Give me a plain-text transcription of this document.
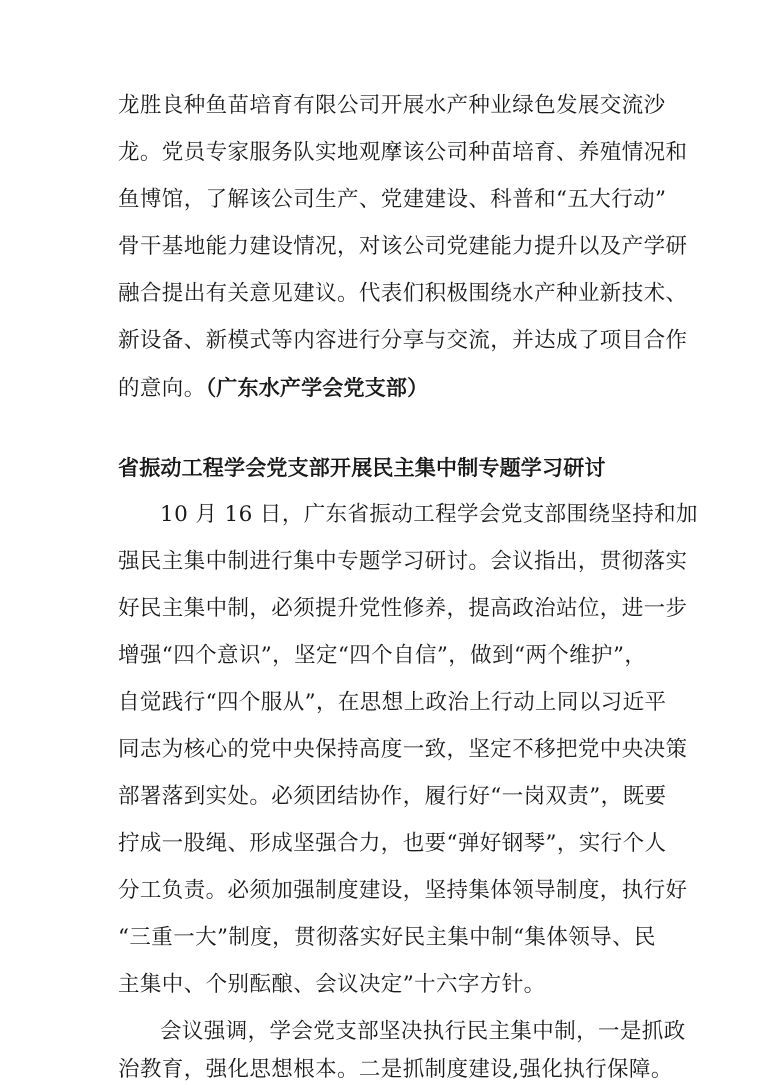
龙胜良种鱼苗培育有限公司开展水产种业绿色发展交流沙
龙。党员专家服务队实地观摩该公司种苗培育、养殖情况和
鱼博馆，了解该公司生产、党建建设、科普和“五大行动”
骨干基地能力建设情况，对该公司党建能力提升以及产学研
融合提出有关意见建议。代表们积极围绕水产种业新技术、
新设备、新模式等内容进行分享与交流，并达成了项目合作
的意向。（广东水产学会党支部）
省振动工程学会党支部开展民主集中制专题学习研讨
10 月 16 日，广东省振动工程学会党支部围绕坚持和加
强民主集中制进行集中专题学习研讨。会议指出，贯彻落实
好民主集中制，必须提升党性修养，提高政治站位，进一步
增强“四个意识”，坚定“四个自信”，做到“两个维护”，
自觉践行“四个服从”，在思想上政治上行动上同以习近平
同志为核心的党中央保持高度一致，坚定不移把党中央决策
部署落到实处。必须团结协作，履行好“一岗双责”，既要
拧成一股绳、形成坚强合力，也要“弹好钢琴”，实行个人
分工负责。必须加强制度建设，坚持集体领导制度，执行好
“三重一大”制度，贯彻落实好民主集中制“集体领导、民
主集中、个别酝酿、会议决定”十六字方针。
会议强调，学会党支部坚决执行民主集中制，一是抓政
治教育，强化思想根本。二是抓制度建设,强化执行保障。
